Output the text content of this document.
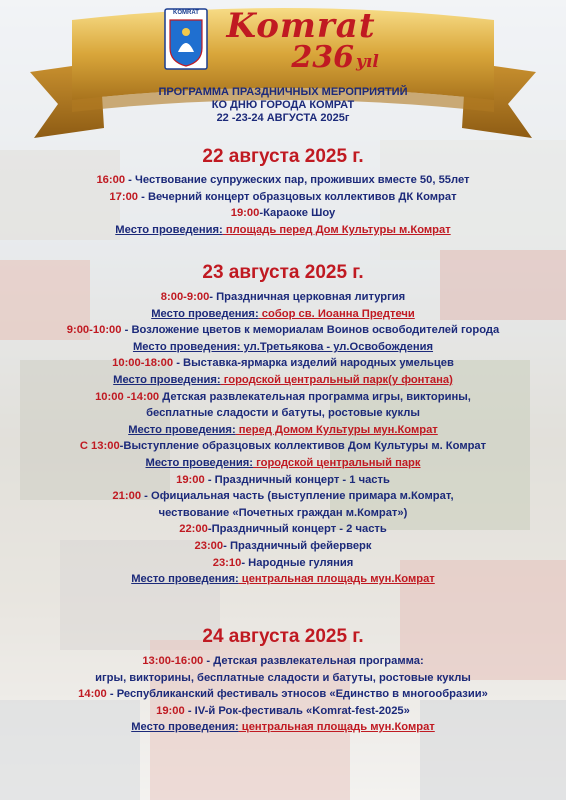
KOMRAT Komrat
236 yıl
ПРОГРАММА ПРАЗДНИЧНЫХ МЕРОПРИЯТИЙ
КО ДНЮ ГОРОДА КОМРАТ
22 -23-24 АВГУСТА 2025г
22 августа 2025 г.
16:00 - Чествование супружеских пар, проживших вместе 50, 55лет
17:00 - Вечерний концерт образцовых коллективов ДК Комрат
19:00-Караоке Шоу
Место проведения: площадь перед Дом Культуры м.Комрат
23 августа 2025 г.
8:00-9:00- Праздничная церковная литургия
Место проведения: собор св. Иоанна Предтечи
9:00-10:00 - Возложение цветов к мемориалам Воинов освободителей города
Место проведения: ул.Третьякова - ул.Освобождения
10:00-18:00 - Выставка-ярмарка изделий народных умельцев
Место проведения: городской центральный парк(у фонтана)
10:00 -14:00 Детская развлекательная программа игры, викторины,
бесплатные сладости и батуты, ростовые куклы
Место проведения: перед Домом Культуры мун.Комрат
С 13:00-Выступление образцовых коллективов Дом Культуры м. Комрат
Место проведения: городской центральный парк
19:00 - Праздничный концерт - 1 часть
21:00 - Официальная часть (выступление примара м.Комрат,
чествование «Почетных граждан м.Комрат»)
22:00-Праздничный концерт - 2 часть
23:00- Праздничный фейерверк
23:10- Народные гуляния
Место проведения: центральная площадь мун.Комрат
24 августа 2025 г.
13:00-16:00 - Детская развлекательная программа:
игры, викторины, бесплатные сладости и батуты, ростовые куклы
14:00 - Республиканский фестиваль этносов «Единство в многообразии»
19:00 - IV-й Рок-фестиваль «Komrat-fest-2025»
Место проведения: центральная площадь мун.Комрат
